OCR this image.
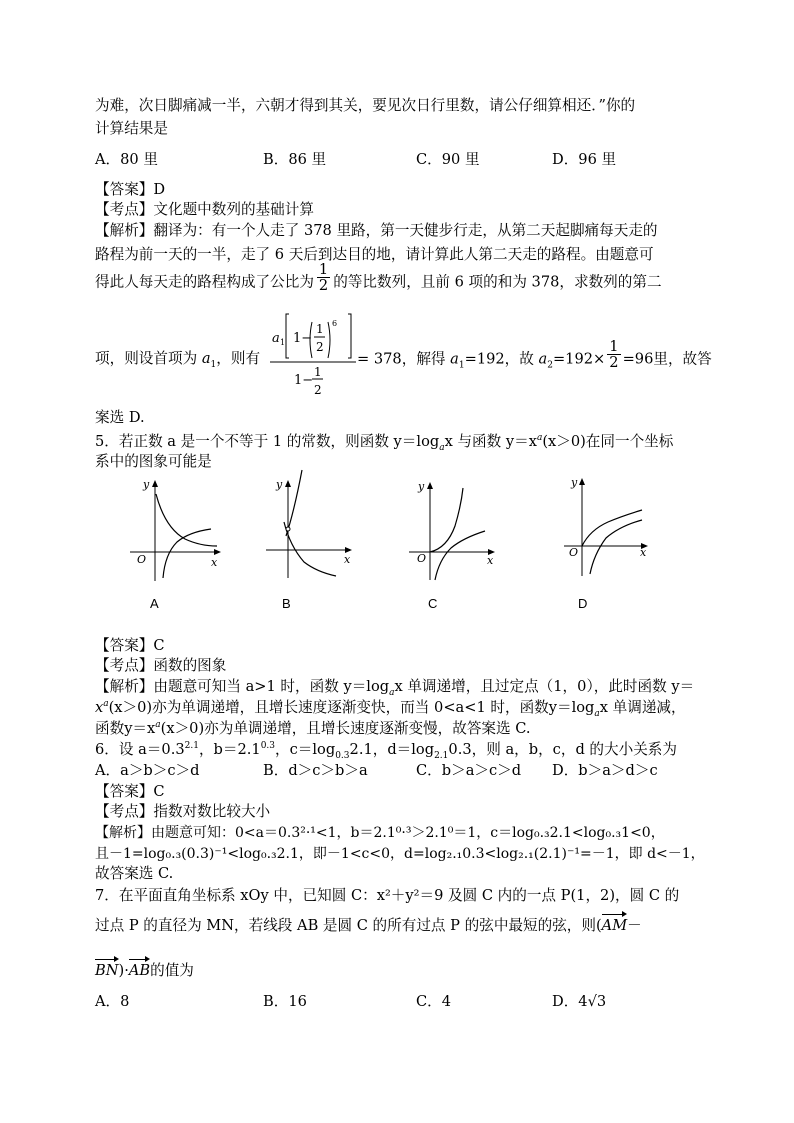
为难，次日脚痛减一半，六朝才得到其关，要见次日行里数，请公仔细算相还．”你的
计算结果是
A．80 里	B．86 里	C．90 里	D．96 里
【答案】D
【考点】文化题中数列的基础计算
【解析】翻译为：有一个人走了 378 里路，第一天健步行走，从第二天起脚痛每天走的
路程为前一天的一半，走了 6 天后到达目的地，请计算此人第二天走的路程。由题意可
得此人每天走的路程构成了公比为 $\frac{1}{2}$ 的等比数列，且前 6 项的和为 378，求数列的第二
项，则设首项为 $a_1$，则有
a 1 1−
1
2
6
1−
1
2
= 378，解得 $a_1=192$，故 $a_2=192\times \frac{1}{2} =96$里，故答
案选 D.
5．若正数 a 是一个不等于 1 的常数，则函数 $y=\log_ax$ 与函数 $y=x^a(x>0)$在同一个坐标
系中的图象可能是
y
x
O
A
y
x
B
y
x
O
C
y
x
O
D
【答案】C
【考点】函数的图象
【解析】由题意可知当 a>1 时，函数 $y=\log_ax$ 单调递增，且过定点（1，0），此时函数 y＝
$x^a(x>0)$亦为单调递增，且增长速度逐渐变快，而当 0<a<1 时，函数$y=\log_ax$ 单调递减，
函数$y=x^a(x>0)$亦为单调递增，且增长速度逐渐变慢，故答案选 C.
6．设 $a=0.3^{2.1}$，$b=2.1^{0.3}$，$c=\log_{0.3}2.1$，$d=\log_{2.1}0.3$，则 a，b，c，d 的大小关系为
A．a＞b＞c＞d	B．d＞c＞b＞a	C．b＞a＞c＞d D．b＞a＞d＞c
【答案】C
【考点】指数对数比较大小
【解析】由题意可知：0<a＝0.3²·¹<1，b＝2.1⁰·³＞2.1⁰＝1，c＝log₀.₃2.1<log₀.₃1<0，
且－1=log₀.₃(0.3)⁻¹<log₀.₃2.1，即－1<c<0，d=log₂.₁0.3<log₂.₁(2.1)⁻¹=－1，即 d<－1，
故答案选 C.
7．在平面直角坐标系 xOy 中，已知圆 C：x²＋y²＝9 及圆 C 内的一点 P(1，2)，圆 C 的
过点 P 的直径为 MN，若线段 AB 是圆 C 的所有过点 P 的弦中最短的弦，则(AM－
BN)·AB的值为
A．8	B．16	C．4	D．4√3
